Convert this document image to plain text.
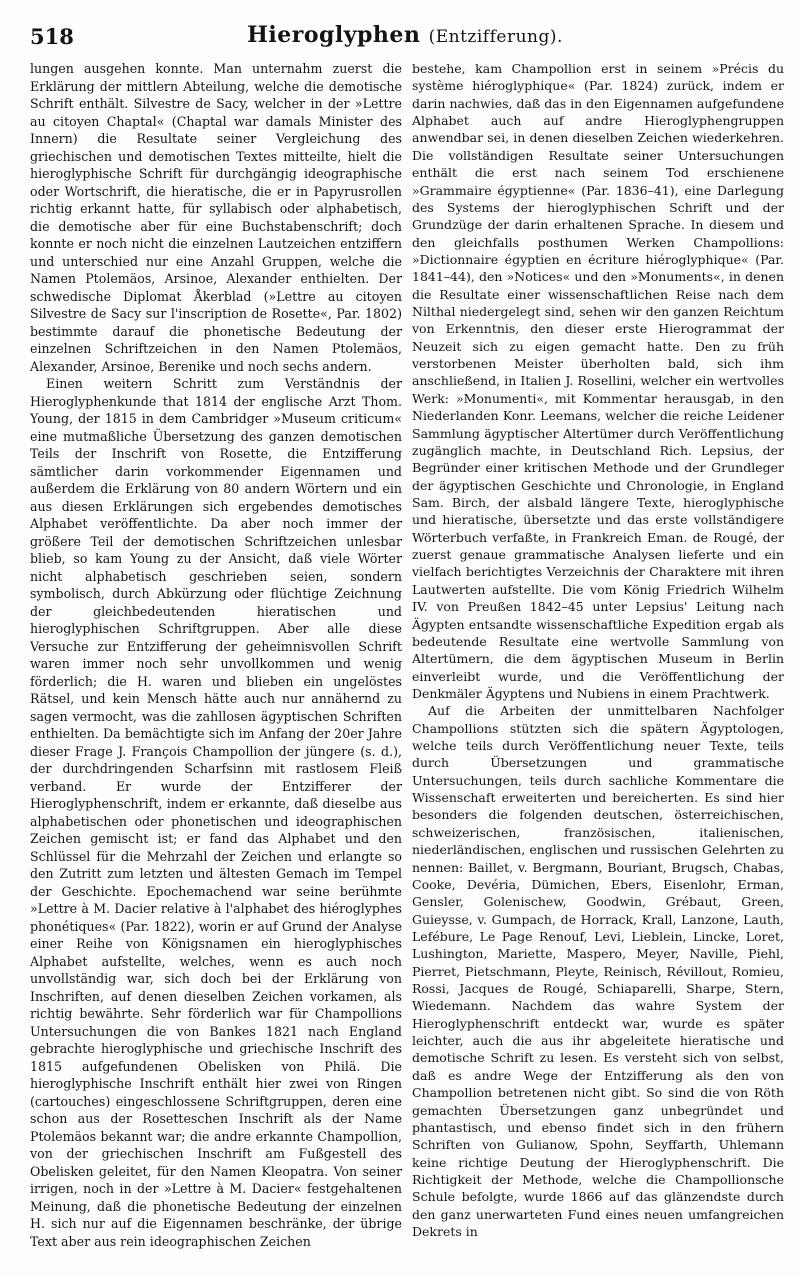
518	Hieroglyphen (Entzifferung).

lungen ausgehen konnte. Man unternahm zuerst die Erklärung der mittlern Abteilung, welche die demotische Schrift enthält. Silvestre de Sacy, welcher in der »Lettre au citoyen Chaptal« (Chaptal war damals Minister des Innern) die Resultate seiner Vergleichung des griechischen und demotischen Textes mitteilte, hielt die hieroglyphische Schrift für durchgängig ideographische oder Wortschrift, die hieratische, die er in Papyrusrollen richtig erkannt hatte, für syllabisch oder alphabetisch, die demotische aber für eine Buchstabenschrift; doch konnte er noch nicht die einzelnen Lautzeichen entziffern und unterschied nur eine Anzahl Gruppen, welche die Namen Ptolemäos, Arsinoe, Alexander enthielten. Der schwedische Diplomat Åkerblad (»Lettre au citoyen Silvestre de Sacy sur l'inscription de Rosette«, Par. 1802) bestimmte darauf die phonetische Bedeutung der einzelnen Schriftzeichen in den Namen Ptolemäos, Alexander, Arsinoe, Berenike und noch sechs andern.

Einen weitern Schritt zum Verständnis der Hieroglyphenkunde that 1814 der englische Arzt Thom. Young, der 1815 in dem Cambridger »Museum criticum« eine mutmaßliche Übersetzung des ganzen demotischen Teils der Inschrift von Rosette, die Entzifferung sämtlicher darin vorkommender Eigennamen und außerdem die Erklärung von 80 andern Wörtern und ein aus diesen Erklärungen sich ergebendes demotisches Alphabet veröffentlichte. Da aber noch immer der größere Teil der demotischen Schriftzeichen unlesbar blieb, so kam Young zu der Ansicht, daß viele Wörter nicht alphabetisch geschrieben seien, sondern symbolisch, durch Abkürzung oder flüchtige Zeichnung der gleichbedeutenden hieratischen und hieroglyphischen Schriftgruppen. Aber alle diese Versuche zur Entzifferung der geheimnisvollen Schrift waren immer noch sehr unvollkommen und wenig förderlich; die H. waren und blieben ein ungelöstes Rätsel, und kein Mensch hätte auch nur annähernd zu sagen vermocht, was die zahllosen ägyptischen Schriften enthielten. Da bemächtigte sich im Anfang der 20er Jahre dieser Frage J. François Champollion der jüngere (s. d.), der durchdringenden Scharfsinn mit rastlosem Fleiß verband. Er wurde der Entzifferer der Hieroglyphenschrift, indem er erkannte, daß dieselbe aus alphabetischen oder phonetischen und ideographischen Zeichen gemischt ist; er fand das Alphabet und den Schlüssel für die Mehrzahl der Zeichen und erlangte so den Zutritt zum letzten und ältesten Gemach im Tempel der Geschichte. Epochemachend war seine berühmte »Lettre à M. Dacier relative à l'alphabet des hiéroglyphes phonétiques« (Par. 1822), worin er auf Grund der Analyse einer Reihe von Königsnamen ein hieroglyphisches Alphabet aufstellte, welches, wenn es auch noch unvollständig war, sich doch bei der Erklärung von Inschriften, auf denen dieselben Zeichen vorkamen, als richtig bewährte. Sehr förderlich war für Champollions Untersuchungen die von Bankes 1821 nach England gebrachte hieroglyphische und griechische Inschrift des 1815 aufgefundenen Obelisken von Philä. Die hieroglyphische Inschrift enthält hier zwei von Ringen (cartouches) eingeschlossene Schriftgruppen, deren eine schon aus der Rosetteschen Inschrift als der Name Ptolemäos bekannt war; die andre erkannte Champollion, von der griechischen Inschrift am Fußgestell des Obelisken geleitet, für den Namen Kleopatra. Von seiner irrigen, noch in der »Lettre à M. Dacier« festgehaltenen Meinung, daß die phonetische Bedeutung der einzelnen H. sich nur auf die Eigennamen beschränke, der übrige Text aber aus rein ideographischen Zeichen

bestehe, kam Champollion erst in seinem »Précis du système hiéroglyphique« (Par. 1824) zurück, indem er darin nachwies, daß das in den Eigennamen aufgefundene Alphabet auch auf andre Hieroglyphengruppen anwendbar sei, in denen dieselben Zeichen wiederkehren. Die vollständigen Resultate seiner Untersuchungen enthält die erst nach seinem Tod erschienene »Grammaire égyptienne« (Par. 1836–41), eine Darlegung des Systems der hieroglyphischen Schrift und der Grundzüge der darin erhaltenen Sprache. In diesem und den gleichfalls posthumen Werken Champollions: »Dictionnaire égyptien en écriture hiéroglyphique« (Par. 1841–44), den »Notices« und den »Monuments«, in denen die Resultate einer wissenschaftlichen Reise nach dem Nilthal niedergelegt sind, sehen wir den ganzen Reichtum von Erkenntnis, den dieser erste Hierogrammat der Neuzeit sich zu eigen gemacht hatte. Den zu früh verstorbenen Meister überholten bald, sich ihm anschließend, in Italien J. Rosellini, welcher ein wertvolles Werk: »Monumenti«, mit Kommentar herausgab, in den Niederlanden Konr. Leemans, welcher die reiche Leidener Sammlung ägyptischer Altertümer durch Veröffentlichung zugänglich machte, in Deutschland Rich. Lepsius, der Begründer einer kritischen Methode und der Grundleger der ägyptischen Geschichte und Chronologie, in England Sam. Birch, der alsbald längere Texte, hieroglyphische und hieratische, übersetzte und das erste vollständigere Wörterbuch verfaßte, in Frankreich Eman. de Rougé, der zuerst genaue grammatische Analysen lieferte und ein vielfach berichtigtes Verzeichnis der Charaktere mit ihren Lautwerten aufstellte. Die vom König Friedrich Wilhelm IV. von Preußen 1842–45 unter Lepsius' Leitung nach Ägypten entsandte wissenschaftliche Expedition ergab als bedeutende Resultate eine wertvolle Sammlung von Altertümern, die dem ägyptischen Museum in Berlin einverleibt wurde, und die Veröffentlichung der Denkmäler Ägyptens und Nubiens in einem Prachtwerk.

Auf die Arbeiten der unmittelbaren Nachfolger Champollions stützten sich die spätern Ägyptologen, welche teils durch Veröffentlichung neuer Texte, teils durch Übersetzungen und grammatische Untersuchungen, teils durch sachliche Kommentare die Wissenschaft erweiterten und bereicherten. Es sind hier besonders die folgenden deutschen, österreichischen, schweizerischen, französischen, italienischen, niederländischen, englischen und russischen Gelehrten zu nennen: Baillet, v. Bergmann, Bouriant, Brugsch, Chabas, Cooke, Devéria, Dümichen, Ebers, Eisenlohr, Erman, Gensler, Golenischew, Goodwin, Grébaut, Green, Guieysse, v. Gumpach, de Horrack, Krall, Lanzone, Lauth, Lefébure, Le Page Renouf, Levi, Lieblein, Lincke, Loret, Lushington, Mariette, Maspero, Meyer, Naville, Piehl, Pierret, Pietschmann, Pleyte, Reinisch, Révillout, Romieu, Rossi, Jacques de Rougé, Schiaparelli, Sharpe, Stern, Wiedemann. Nachdem das wahre System der Hieroglyphenschrift entdeckt war, wurde es später leichter, auch die aus ihr abgeleitete hieratische und demotische Schrift zu lesen. Es versteht sich von selbst, daß es andre Wege der Entzifferung als den von Champollion betretenen nicht gibt. So sind die von Röth gemachten Übersetzungen ganz unbegründet und phantastisch, und ebenso findet sich in den frühern Schriften von Gulianow, Spohn, Seyffarth, Uhlemann keine richtige Deutung der Hieroglyphenschrift. Die Richtigkeit der Methode, welche die Champollionsche Schule befolgte, wurde 1866 auf das glänzendste durch den ganz unerwarteten Fund eines neuen umfangreichen Dekrets in
